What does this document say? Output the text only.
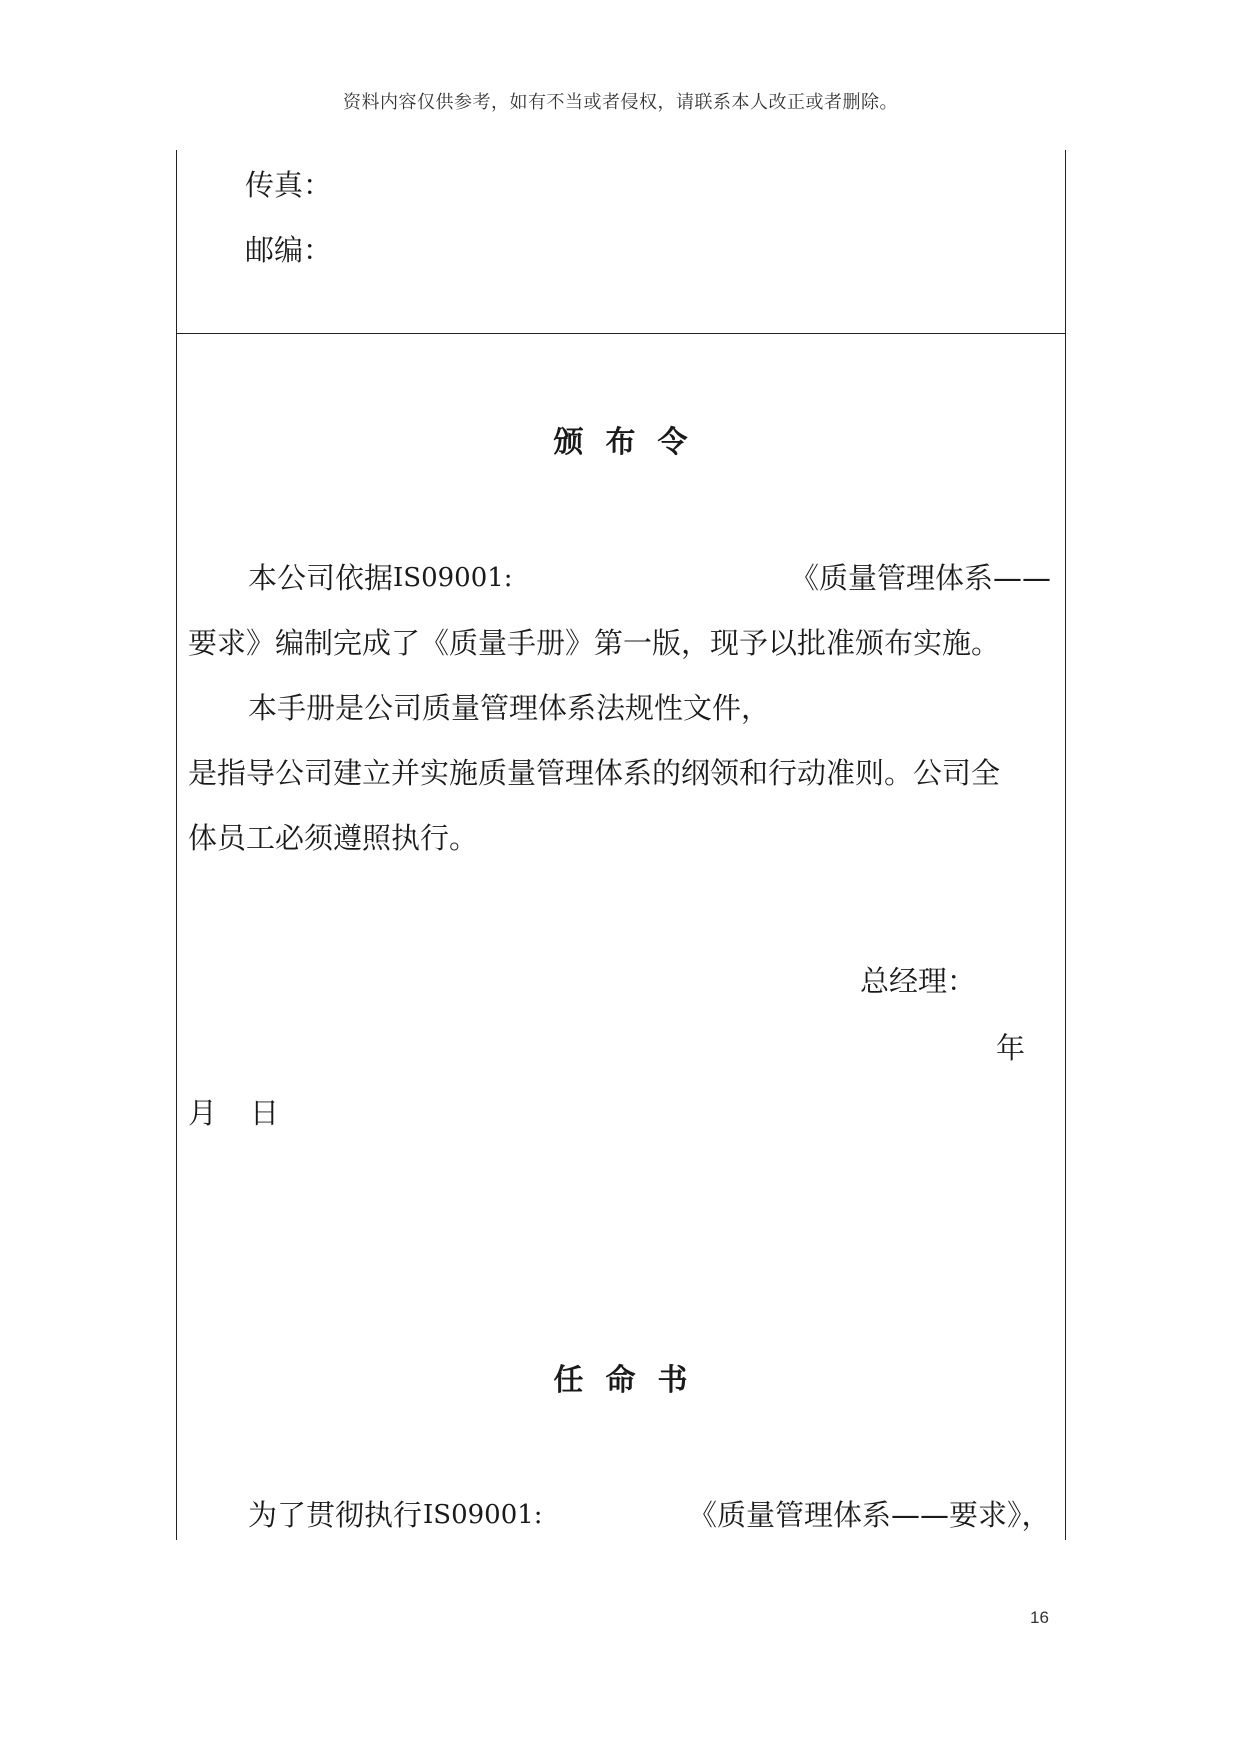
资料内容仅供参考，如有不当或者侵权，请联系本人改正或者删除。
传真：
邮编：
颁布令
本公司依据 IS09001:	《质量管理体系——
要求》编制完成了《质量手册》第一版，现予以批准颁布实施。
本手册是公司质量管理体系法规性文件，
是指导公司建立并实施质量管理体系的纲领和行动准则。公司全
体员工必须遵照执行。
总经理：
年
月 日
任命书
为了贯彻执行 IS09001:	《质量管理体系——要求》，
16
